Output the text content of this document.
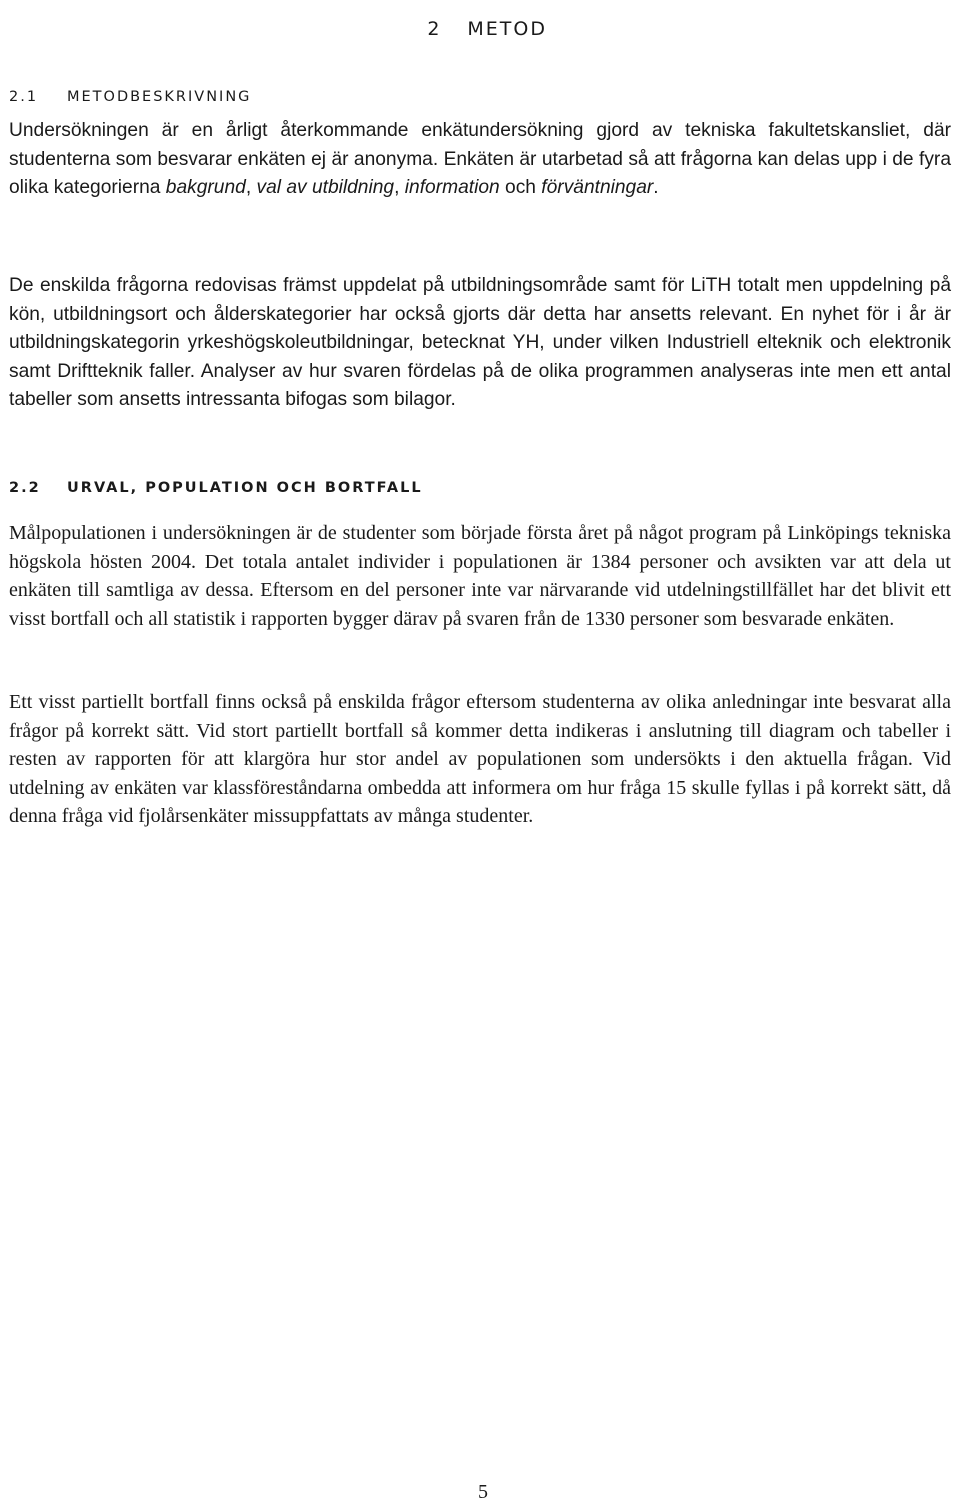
2 METOD
2.1 METODBESKRIVNING

Undersökningen är en årligt återkommande enkätundersökning gjord av tekniska fakultetskansliet, där studenterna som besvarar enkäten ej är anonyma. Enkäten är utarbetad så att frågorna kan delas upp i de fyra olika kategorierna bakgrund, val av utbildning, information och förväntningar.

De enskilda frågorna redovisas främst uppdelat på utbildningsområde samt för LiTH totalt men uppdelning på kön, utbildningsort och ålderskategorier har också gjorts där detta har ansetts relevant. En nyhet för i år är utbildningskategorin yrkeshögskoleutbildningar, betecknat YH, under vilken Industriell elteknik och elektronik samt Driftteknik faller. Analyser av hur svaren fördelas på de olika programmen analyseras inte men ett antal tabeller som ansetts intressanta bifogas som bilagor.

2.2 URVAL, POPULATION OCH BORTFALL

Målpopulationen i undersökningen är de studenter som började första året på något program på Linköpings tekniska högskola hösten 2004. Det totala antalet individer i populationen är 1384 personer och avsikten var att dela ut enkäten till samtliga av dessa. Eftersom en del personer inte var närvarande vid utdelningstillfället har det blivit ett visst bortfall och all statistik i rapporten bygger därav på svaren från de 1330 personer som besvarade enkäten.

Ett visst partiellt bortfall finns också på enskilda frågor eftersom studenterna av olika anledningar inte besvarat alla frågor på korrekt sätt. Vid stort partiellt bortfall så kommer detta indikeras i anslutning till diagram och tabeller i resten av rapporten för att klargöra hur stor andel av populationen som undersökts i den aktuella frågan. Vid utdelning av enkäten var klassföreståndarna ombedda att informera om hur fråga 15 skulle fyllas i på korrekt sätt, då denna fråga vid fjolårsenkäter missuppfattats av många studenter.

5
